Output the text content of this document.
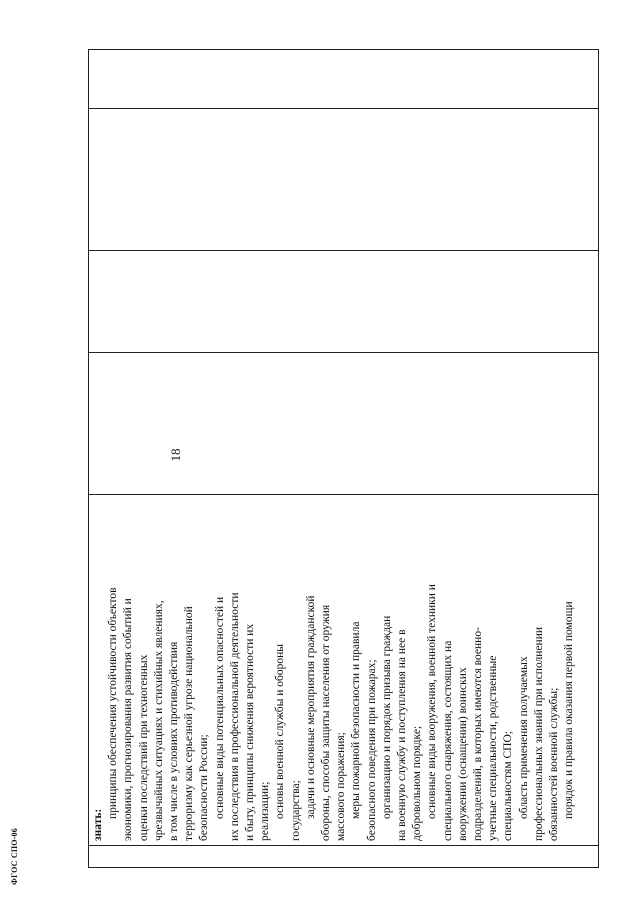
18
знать:
принципы обеспечения устойчивости объектов экономики, прогнозирования развития событий и оценки последствий при техногенных чрезвычайных ситуациях и стихийных явлениях, в том числе в условиях противодействия терроризму как серьезной угрозе национальной безопасности России; основные виды потенциальных опасностей и их последствия в профессиональной деятельности и быту, принципы снижения вероятности их реализации; основы военной службы и обороны государства; задачи и основные мероприятия гражданской обороны, способы защиты населения от оружия массового поражения; меры пожарной безопасности и правила безопасного поведения при пожарах; организацию и порядок призыва граждан на военную службу и поступления на нее в добровольном порядке; основные виды вооружения, военной техники и специального снаряжения, состоящих на вооружении (оснащении) воинских подразделений, в которых имеются военно- учетные специальности, родственные специальностям СПО; область применения получаемых профессиональных знаний при исполнении обязанностей военной службы; порядок и правила оказания первой помощи
ФГОС СПО-06
